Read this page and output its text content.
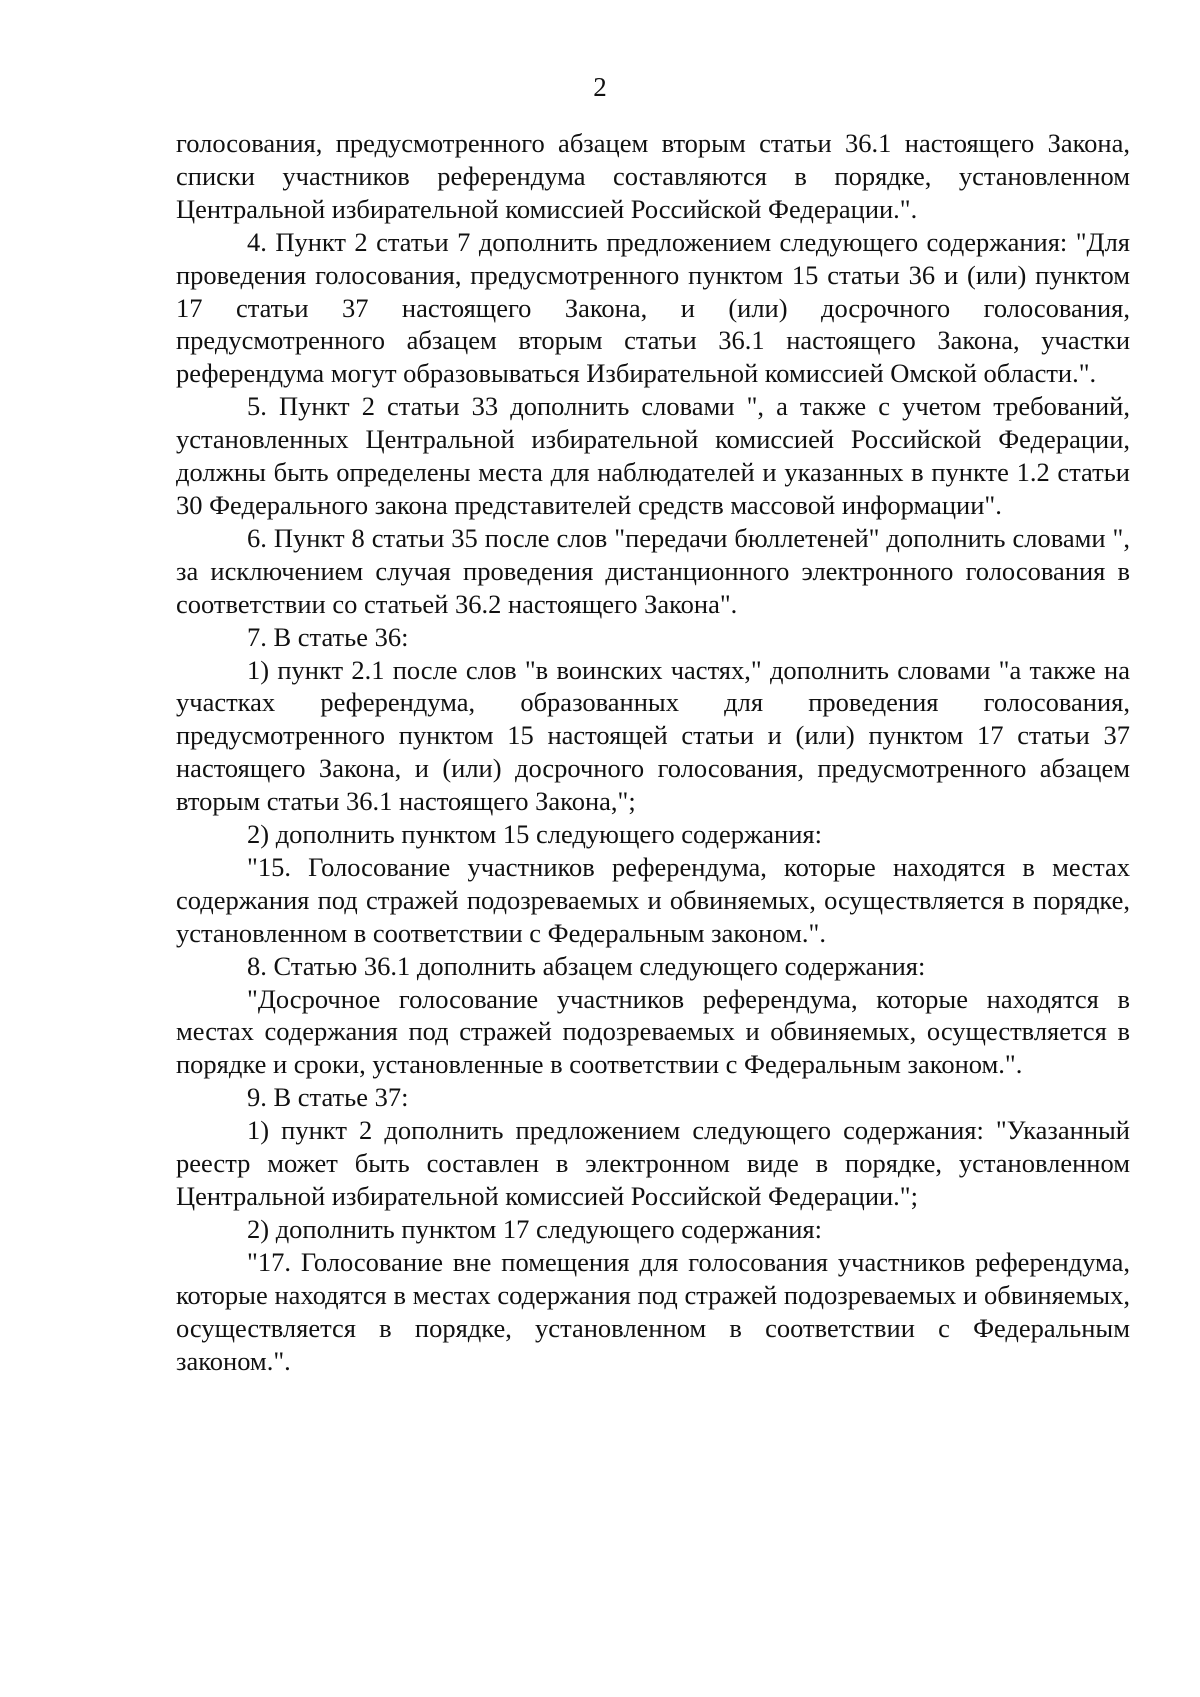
2

голосования, предусмотренного абзацем вторым статьи 36.1 настоящего Закона, списки участников референдума составляются в порядке, установленном Центральной избирательной комиссией Российской Федерации.".

4. Пункт 2 статьи 7 дополнить предложением следующего содержания: "Для проведения голосования, предусмотренного пунктом 15 статьи 36 и (или) пунктом 17 статьи 37 настоящего Закона, и (или) досрочного голосования, предусмотренного абзацем вторым статьи 36.1 настоящего Закона, участки референдума могут образовываться Избирательной комиссией Омской области.".

5. Пункт 2 статьи 33 дополнить словами ", а также с учетом требований, установленных Центральной избирательной комиссией Российской Федерации, должны быть определены места для наблюдателей и указанных в пункте 1.2 статьи 30 Федерального закона представителей средств массовой информации".

6. Пункт 8 статьи 35 после слов "передачи бюллетеней" дополнить словами ", за исключением случая проведения дистанционного электронного голосования в соответствии со статьей 36.2 настоящего Закона".

7. В статье 36:

1) пункт 2.1 после слов "в воинских частях," дополнить словами "а также на участках референдума, образованных для проведения голосования, предусмотренного пунктом 15 настоящей статьи и (или) пунктом 17 статьи 37 настоящего Закона, и (или) досрочного голосования, предусмотренного абзацем вторым статьи 36.1 настоящего Закона,";

2) дополнить пунктом 15 следующего содержания:

"15. Голосование участников референдума, которые находятся в местах содержания под стражей подозреваемых и обвиняемых, осуществляется в порядке, установленном в соответствии с Федеральным законом.".

8. Статью 36.1 дополнить абзацем следующего содержания:

"Досрочное голосование участников референдума, которые находятся в местах содержания под стражей подозреваемых и обвиняемых, осуществляется в порядке и сроки, установленные в соответствии с Федеральным законом.".

9. В статье 37:

1) пункт 2 дополнить предложением следующего содержания: "Указанный реестр может быть составлен в электронном виде в порядке, установленном Центральной избирательной комиссией Российской Федерации.";

2) дополнить пунктом 17 следующего содержания:

"17. Голосование вне помещения для голосования участников референдума, которые находятся в местах содержания под стражей подозреваемых и обвиняемых, осуществляется в порядке, установленном в соответствии с Федеральным законом.".
